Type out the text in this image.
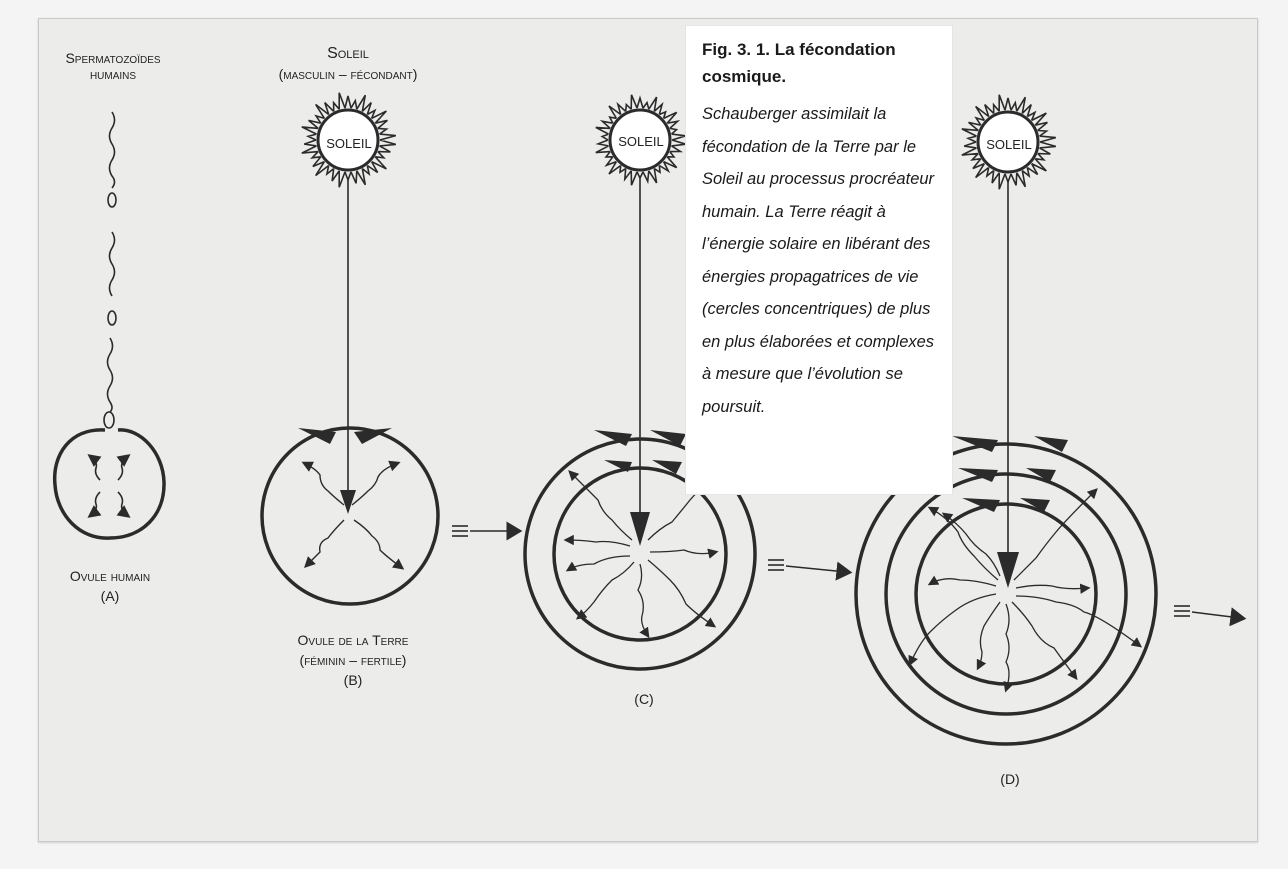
Spermatozoïdes
humains
Soleil
(masculin – fécondant)
SOLEIL	SOLEIL	SOLEIL
Ovule humain
(A)
Ovule de la Terre
(féminin – fertile)
(B)
(C)
(D)
Fig. 3. 1. La fécondation cosmique.
Schauberger assimilait la fécondation de la Terre par le Soleil au processus procréateur humain. La Terre réagit à l’énergie solaire en libérant des énergies propagatrices de vie (cercles concentriques) de plus en plus élaborées et complexes à mesure que l’évolution se poursuit.
